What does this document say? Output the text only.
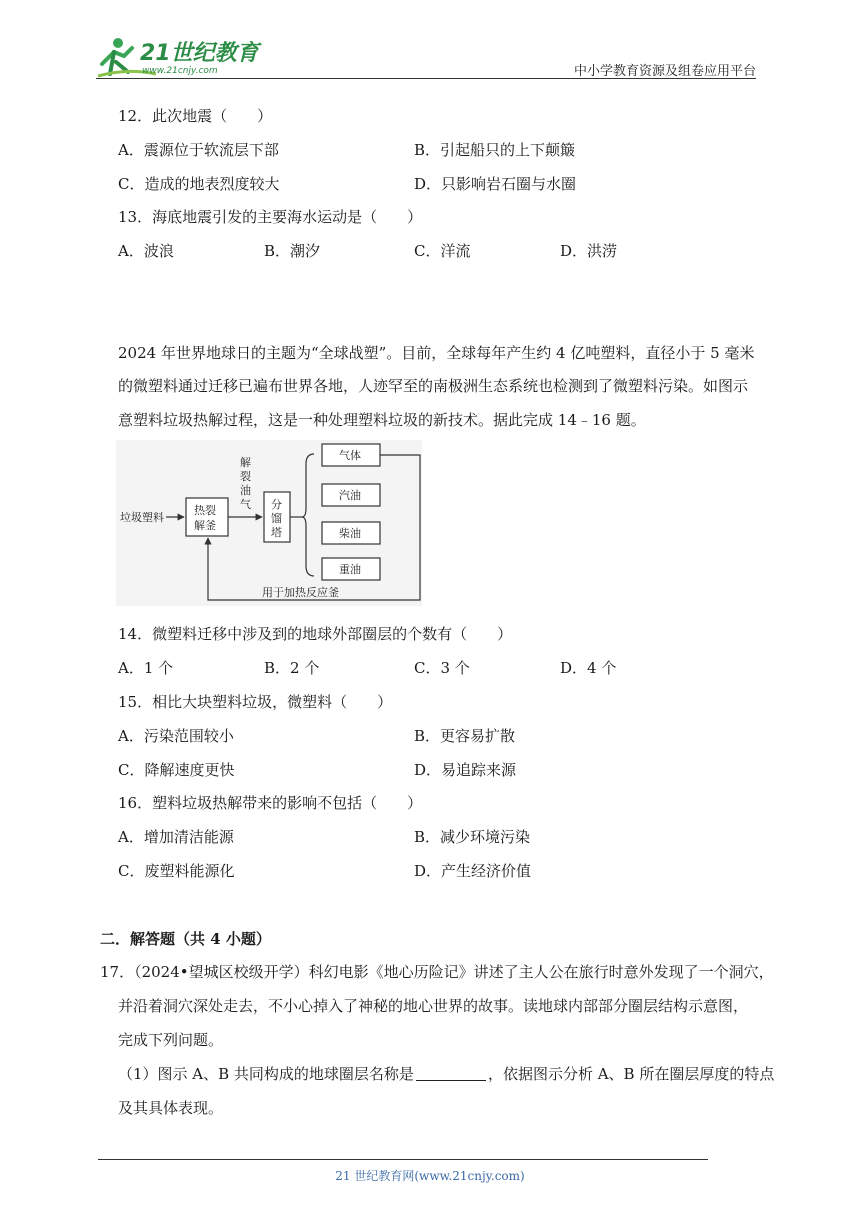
21世纪教育
www.21cnjy.com	中小学教育资源及组卷应用平台
12．此次地震（　　）
A．震源位于软流层下部	B．引起船只的上下颠簸
C．造成的地表烈度较大	D．只影响岩石圈与水圈
13．海底地震引发的主要海水运动是（　　）
A．波浪	B．潮汐	C．洋流	D．洪涝
2024 年世界地球日的主题为“全球战塑”。目前，全球每年产生约 4 亿吨塑料，直径小于 5 毫米
的微塑料通过迁移已遍布世界各地，人迹罕至的南极洲生态系统也检测到了微塑料污染。如图示
意塑料垃圾热解过程，这是一种处理塑料垃圾的新技术。据此完成 14﹣16 题。
垃圾塑料
热裂
解釜
解
裂
油
气 分
馏
塔
气体
汽油
柴油
重油
用于加热反应釜
14．微塑料迁移中涉及到的地球外部圈层的个数有（　　）
A．1 个	B．2 个	C．3 个	D．4 个
15．相比大块塑料垃圾，微塑料（　　）
A．污染范围较小	B．更容易扩散
C．降解速度更快	D．易追踪来源
16．塑料垃圾热解带来的影响不包括（　　）
A．增加清洁能源	B．减少环境污染
C．废塑料能源化	D．产生经济价值
二．解答题（共 4 小题）
17．（2024•望城区校级开学）科幻电影《地心历险记》讲述了主人公在旅行时意外发现了一个洞穴，
并沿着洞穴深处走去，不小心掉入了神秘的地心世界的故事。读地球内部部分圈层结构示意图，
完成下列问题。
（1）图示 A、B 共同构成的地球圈层名称是	，依据图示分析 A、B 所在圈层厚度的特点
及其具体表现。
21 世纪教育网(www.21cnjy.com)
